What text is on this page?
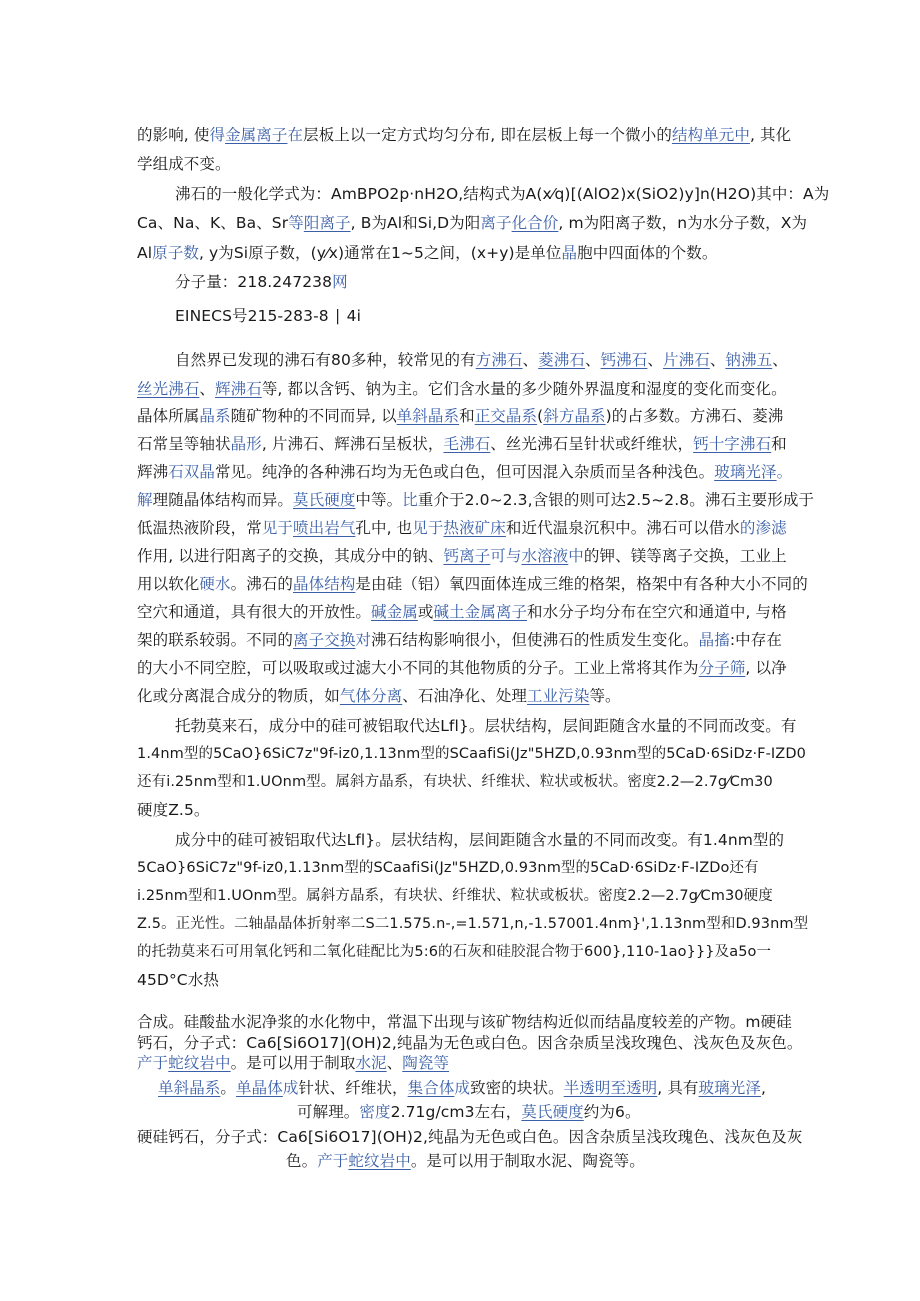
的影响, 使得金属离子在层板上以一定方式均匀分布, 即在层板上每一个微小的结构单元中, 其化
学组成不变。
沸石的一般化学式为：AmBPO2p·nH2O,结构式为A(x⁄q)[(AlO2)x(SiO2)y]n(H2O)其中：A为
Ca、Na、K、Ba、Sr等阳离子, B为Al和Si,D为阳离子化合价, m为阳离子数，n为水分子数，X为
Al原子数, y为Si原子数，(y⁄x)通常在1~5之间，(x+y)是单位晶胞中四面体的个数。
分子量：218.247238网
EINECS号215-283-8 ∣ 4i
自然界已发现的沸石有80多种，较常见的有方沸石、菱沸石、钙沸石、片沸石、钠沸五、
丝光沸石、辉沸石等, 都以含钙、钠为主。它们含水量的多少随外界温度和湿度的变化而变化。
晶体所属晶系随矿物种的不同而异, 以单斜晶系和正交晶系(斜方晶系)的占多数。方沸石、菱沸
石常呈等轴状晶形, 片沸石、辉沸石呈板状，毛沸石、丝光沸石呈针状或纤维状，钙十字沸石和
辉沸石双晶常见。纯净的各种沸石均为无色或白色，但可因混入杂质而呈各种浅色。玻璃光泽。
解理随晶体结构而异。莫氏硬度中等。比重介于2.0~2.3,含银的则可达2.5~2.8。沸石主要形成于
低温热液阶段，常见于喷出岩气孔中, 也见于热液矿床和近代温泉沉积中。沸石可以借水的渗滤
作用, 以进行阳离子的交换，其成分中的钠、钙离子可与水溶液中的钾、镁等离子交换，工业上
用以软化硬水。沸石的晶体结构是由硅（铝）氧四面体连成三维的格架，格架中有各种大小不同的
空穴和通道，具有很大的开放性。碱金属或碱土金属离子和水分子均分布在空穴和通道中, 与格
架的联系较弱。不同的离子交换对沸石结构影响很小，但使沸石的性质发生变化。晶搐:中存在
的大小不同空腔，可以吸取或过滤大小不同的其他物质的分子。工业上常将其作为分子筛, 以净
化或分离混合成分的物质，如气体分离、石油净化、处理工业污染等。
托勃莫来石，成分中的硅可被铝取代达Lfl}。层状结构，层间距随含水量的不同而改变。有
1.4nm型的5CaO}6SiC7z"9f-iz0,1.13nm型的SCaafiSi(Jz"5HZD,0.93nm型的5CaD·6SiDz·F-IZD0
还有i.25nm型和1.UOnm型。属斜方晶系，有块状、纤维状、粒状或板状。密度2.2—2.7g⁄Cm30
硬度Z.5。
成分中的硅可被铝取代达Lfl}。层状结构，层间距随含水量的不同而改变。有1.4nm型的
5CaO}6SiC7z"9f-iz0,1.13nm型的SCaafiSi(Jz"5HZD,0.93nm型的5CaD·6SiDz·F-IZDo还有
i.25nm型和1.UOnm型。属斜方晶系，有块状、纤维状、粒状或板状。密度2.2—2.7g⁄Cm30硬度
Z.5。正光性。二轴晶晶体折射率二S二1.575.n-,=1.571,n,-1.57001.4nm}',1.13nm型和D.93nm型
的托勃莫来石可用氧化钙和二氧化硅配比为5:6的石灰和硅胶混合物于600},110-1ao}}}及a5o一
45D°C水热
合成。硅酸盐水泥净浆的水化物中，常温下出现与该矿物结构近似而结晶度较差的产物。m硬硅
钙石，分子式：Ca6[Si6O17](OH)2,纯晶为无色或白色。因含杂质呈浅玫瑰色、浅灰色及灰色。
产于蛇纹岩中。是可以用于制取水泥、陶瓷等
单斜晶系。单晶体成针状、纤维状，集合体成致密的块状。半透明至透明, 具有玻璃光泽,
可解理。密度2.71g/cm3左右，莫氏硬度约为6。
硬硅钙石，分子式：Ca6[Si6O17](OH)2,纯晶为无色或白色。因含杂质呈浅玫瑰色、浅灰色及灰
色。产于蛇纹岩中。是可以用于制取水泥、陶瓷等。
